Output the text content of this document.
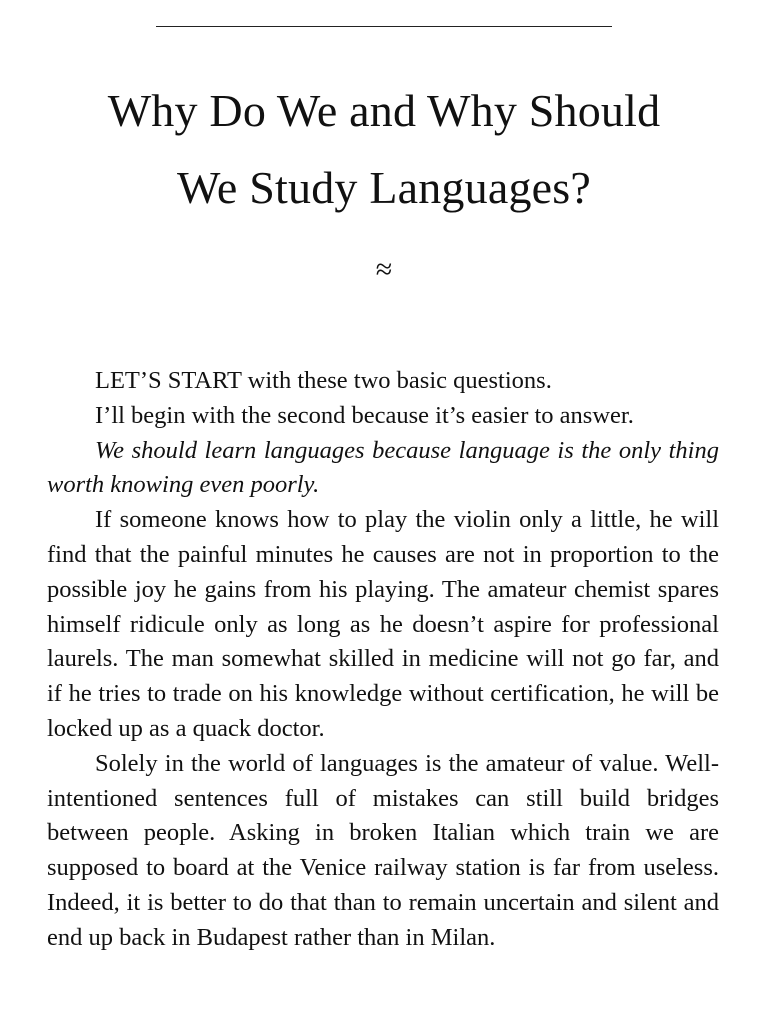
Why Do We and Why Should
We Study Languages?
≈

LET’S START with these two basic questions.

I’ll begin with the second because it’s easier to answer.

We should learn languages because language is the only thing worth knowing even poorly.

If someone knows how to play the violin only a little, he will find that the painful minutes he causes are not in proportion to the possible joy he gains from his playing. The amateur chemist spares himself ridicule only as long as he doesn’t aspire for professional laurels. The man somewhat skilled in medicine will not go far, and if he tries to trade on his knowledge without certification, he will be locked up as a quack doctor.

Solely in the world of languages is the amateur of value. Well-intentioned sentences full of mistakes can still build bridges between people. Asking in broken Italian which train we are supposed to board at the Venice railway station is far from useless. Indeed, it is better to do that than to remain uncertain and silent and end up back in Budapest rather than in Milan.
